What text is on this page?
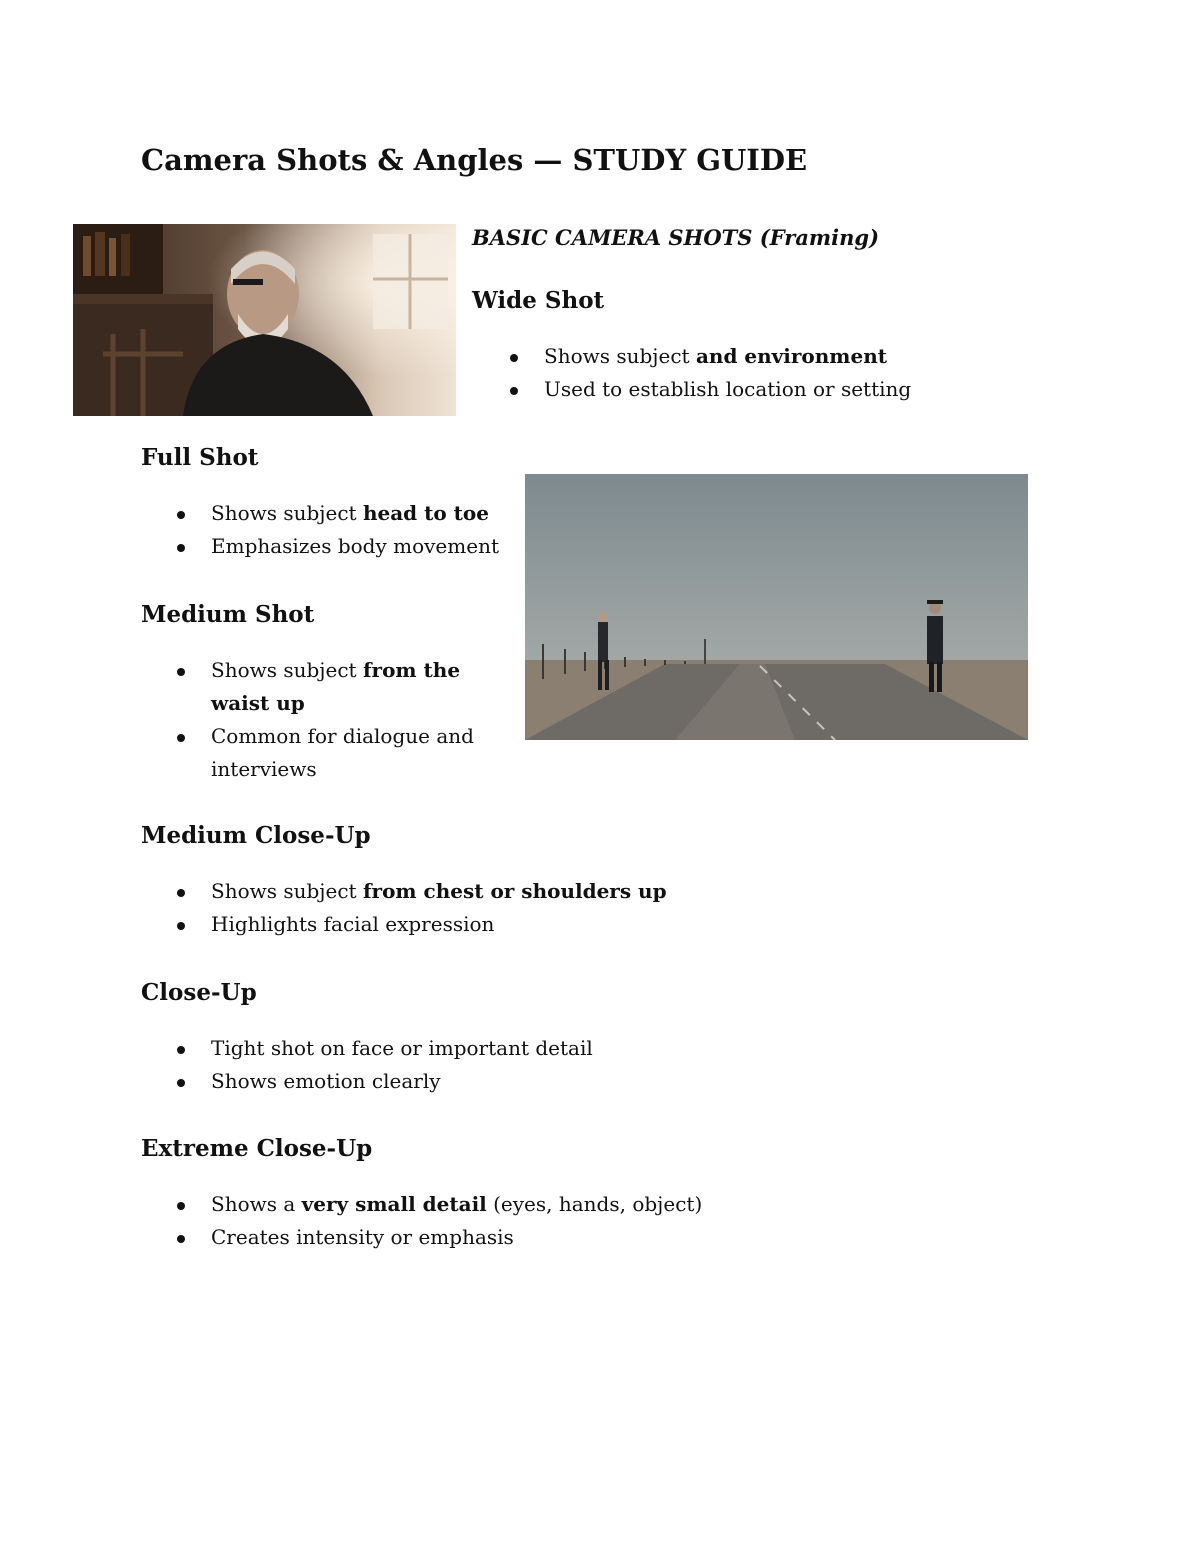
Camera Shots & Angles — STUDY GUIDE

BASIC CAMERA SHOTS (Framing)

Wide Shot
Shows subject and environment
Used to establish location or setting
Full Shot
Shows subject head to toe
Emphasizes body movement
Medium Shot
Shows subject from the waist up
Common for dialogue and interviews
Medium Close-Up
Shows subject from chest or shoulders up
Highlights facial expression
Close-Up
Tight shot on face or important detail
Shows emotion clearly
Extreme Close-Up
Shows a very small detail (eyes, hands, object)
Creates intensity or emphasis
